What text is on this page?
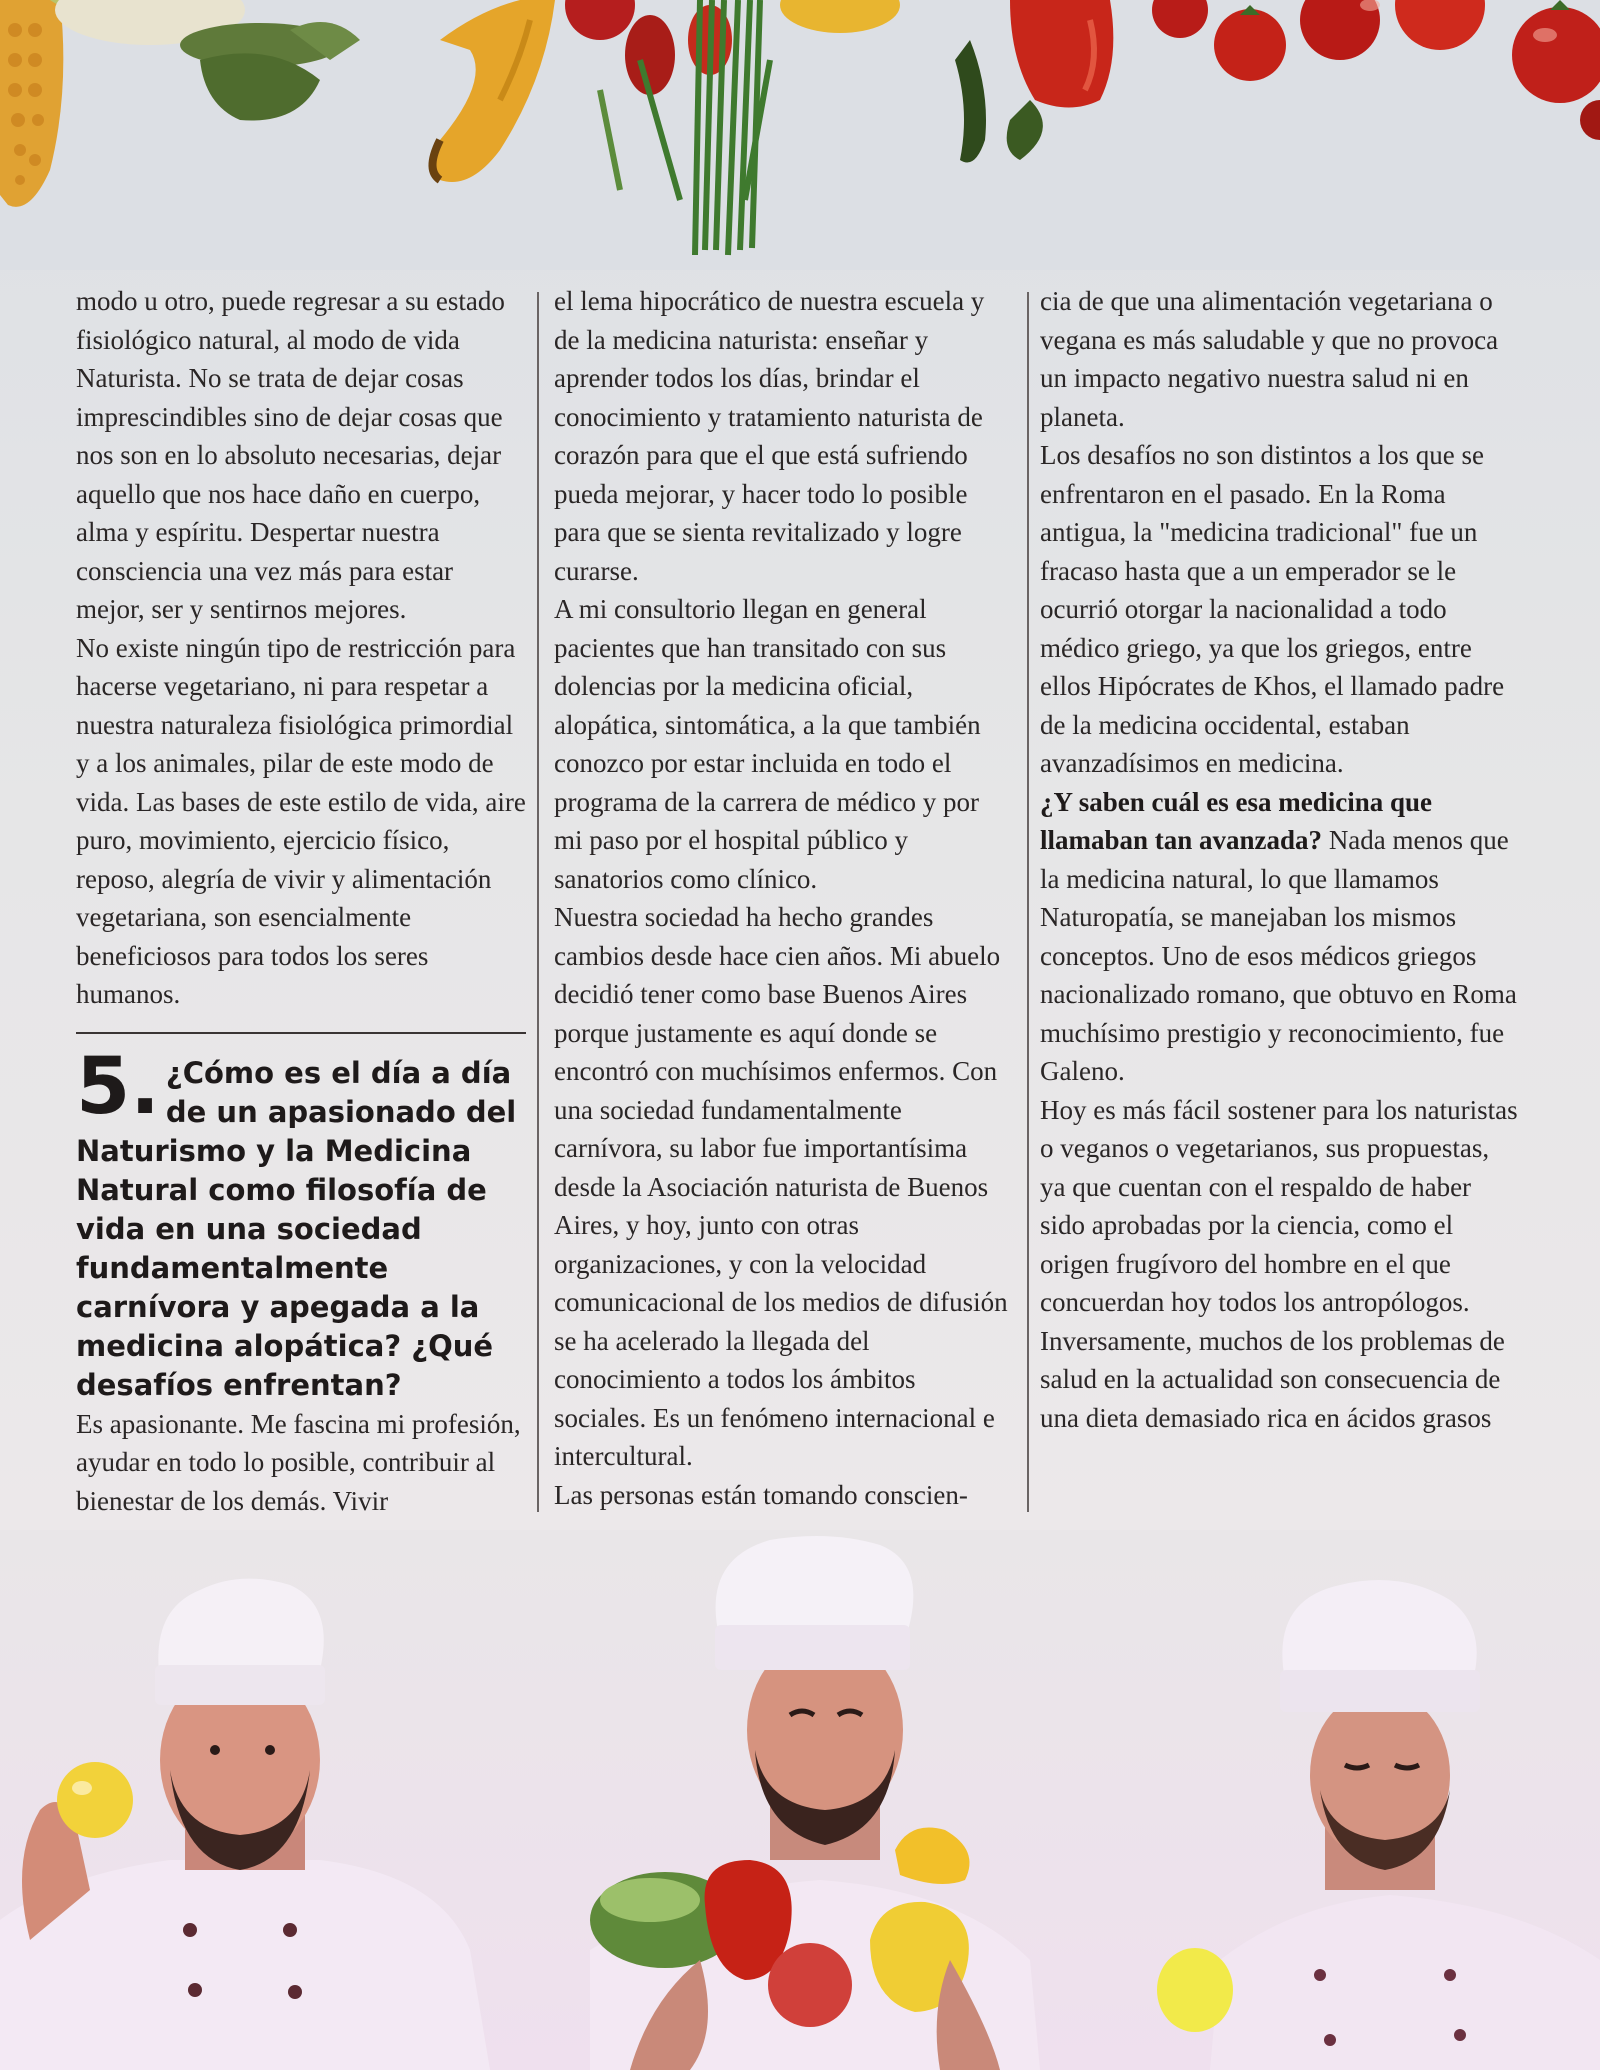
modo u otro, puede regresar a su estado fisiológico natural, al modo de vida Naturista. No se trata de dejar cosas imprescindibles sino de dejar cosas que nos son en lo absoluto necesarias, dejar aquello que nos hace daño en cuerpo, alma y espíritu. Despertar nuestra consciencia una vez más para estar mejor, ser y sentirnos mejores.

No existe ningún tipo de restricción para hacerse vegetariano, ni para respetar a nuestra naturaleza fisiológica primordial y a los animales, pilar de este modo de vida. Las bases de este estilo de vida, aire puro, movimiento, ejercicio físico, reposo, alegría de vivir y alimentación vegetariana, son esencialmente beneficiosos para todos los seres humanos.

5. ¿Cómo es el día a día de un apasionado del

Naturismo y la Medicina Natural como filosofía de vida en una sociedad fundamentalmente carnívora y apegada a la medicina alopática? ¿Qué desafíos enfrentan?

Es apasionante. Me fascina mi profesión, ayudar en todo lo posible, contribuir al bienestar de los demás. Vivir

el lema hipocrático de nuestra escuela y de la medicina naturista: enseñar y aprender todos los días, brindar el conocimiento y tratamiento naturista de corazón para que el que está sufriendo pueda mejorar, y hacer todo lo posible para que se sienta revitalizado y logre curarse.

A mi consultorio llegan en general pacientes que han transitado con sus dolencias por la medicina oficial, alopática, sintomática, a la que también conozco por estar incluida en todo el programa de la carrera de médico y por mi paso por el hospital público y sanatorios como clínico.

Nuestra sociedad ha hecho grandes cambios desde hace cien años. Mi abuelo decidió tener como base Buenos Aires porque justamente es aquí donde se encontró con muchísimos enfermos. Con una sociedad fundamentalmente carnívora, su labor fue importantísima desde la Asociación naturista de Buenos Aires, y hoy, junto con otras organizaciones, y con la velocidad comunicacional de los medios de difusión se ha acelerado la llegada del conocimiento a todos los ámbitos sociales. Es un fenómeno internacional e intercultural.

Las personas están tomando conscien-

cia de que una alimentación vegetariana o vegana es más saludable y que no provoca un impacto negativo nuestra salud ni en planeta.

Los desafíos no son distintos a los que se enfrentaron en el pasado. En la Roma antigua, la "medicina tradicional" fue un fracaso hasta que a un emperador se le ocurrió otorgar la nacionalidad a todo médico griego, ya que los griegos, entre ellos Hipócrates de Khos, el llamado padre de la medicina occidental, estaban avanzadísimos en medicina.

¿Y saben cuál es esa medicina que llamaban tan avanzada? Nada menos que la medicina natural, lo que llamamos Naturopatía, se manejaban los mismos conceptos. Uno de esos médicos griegos nacionalizado romano, que obtuvo en Roma muchísimo prestigio y reconocimiento, fue Galeno.

Hoy es más fácil sostener para los naturistas o veganos o vegetarianos, sus propuestas, ya que cuentan con el respaldo de haber sido aprobadas por la ciencia, como el origen frugívoro del hombre en el que concuerdan hoy todos los antropólogos. Inversamente, muchos de los problemas de salud en la actualidad son consecuencia de una dieta demasiado rica en ácidos grasos
